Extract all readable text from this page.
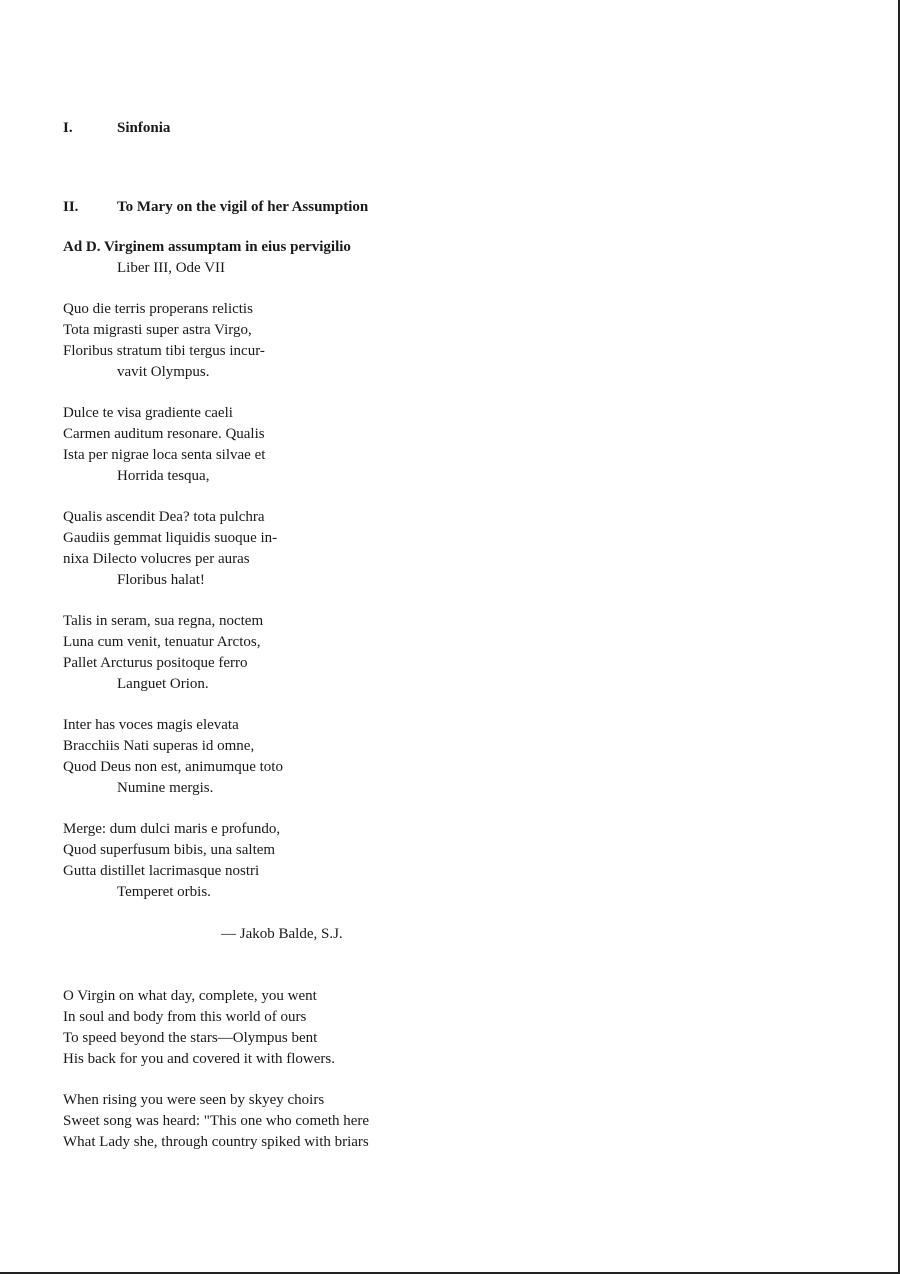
I.	Sinfonia
II.	To Mary on the vigil of her Assumption
Ad D. Virginem assumptam in eius pervigilio
Liber III, Ode VII
Quo die terris properans relictis
Tota migrasti super astra Virgo,
Floribus stratum tibi tergus incur-
vavit Olympus.
Dulce te visa gradiente caeli
Carmen auditum resonare. Qualis
Ista per nigrae loca senta silvae et
Horrida tesqua,
Qualis ascendit Dea? tota pulchra
Gaudiis gemmat liquidis suoque in-
nixa Dilecto volucres per auras
Floribus halat!
Talis in seram, sua regna, noctem
Luna cum venit, tenuatur Arctos,
Pallet Arcturus positoque ferro
Languet Orion.
Inter has voces magis elevata
Bracchiis Nati superas id omne,
Quod Deus non est, animumque toto
Numine mergis.
Merge: dum dulci maris e profundo,
Quod superfusum bibis, una saltem
Gutta distillet lacrimasque nostri
Temperet orbis.
— Jakob Balde, S.J.
O Virgin on what day, complete, you went
In soul and body from this world of ours
To speed beyond the stars—Olympus bent
His back for you and covered it with flowers.
When rising you were seen by skyey choirs
Sweet song was heard: "This one who cometh here
What Lady she, through country spiked with briars
